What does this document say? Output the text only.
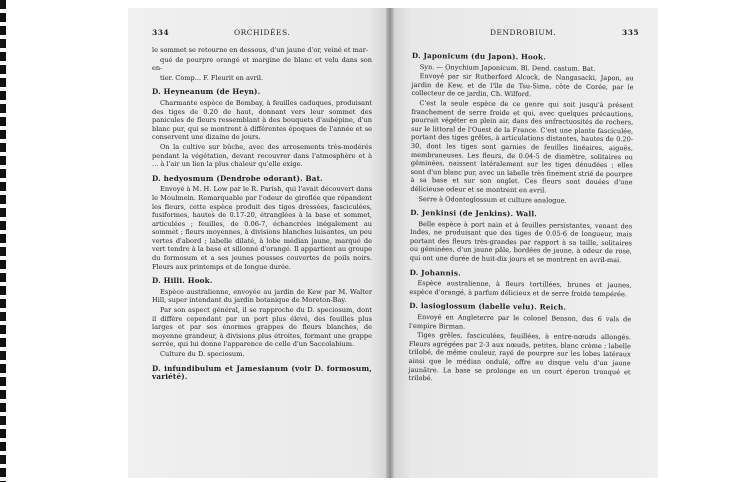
334	ORCHIDÉES.

le sommet se retourne en dessous, d'un jaune d'or, veiné et mar-

qué de pourpre orangé et margine de blanc et velu dans son en-

tier. Comp... F. Fleurit en avril.

D. Heyneanum (de Heyn).

Charmante espèce de Bombay, à feuilles caduques, produisant des tiges de 0.20 de haut, donnant vers leur sommet des panicules de fleurs ressemblant à des bouquets d'aubépine, d'un blanc pur, qui se montrent à différentes époques de l'année et se conservent une dizaine de jours.

On la cultive sur bûche, avec des arrosements très-modérés pendant la végétation, devant recouvrer dans l'atmosphère et à ... à l'air un lien la plus chaleur qu'elle exige.

D. hedyosmum (Dendrobe odorant). Bat.

Envoyé à M. H. Low par le R. Parish, qui l'avait découvert dans le Moulmein. Remarquable par l'odeur de giroflée que répandent les fleurs, cette espèce produit des tiges dressées, fasciculées, fusiformes, hautes de 0.17-20, étranglées à la base et sommet, articulées ; feuilles, de 0.06-7, échancrées inégalement au sommet ; fleurs moyennes, à divisions blanches luisantes, un peu vertes d'abord ; labelle dilaté, à lobe médian jaune, marqué de vert tendre à la base et sillonné d'orangé. Il appartient au groupe du formosum et a ses jeunes pousses couvertes de poils noirs. Fleurs aux printemps et de longue durée.

D. Hilli. Hook.

Espèce australienne, envoyée au jardin de Kew par M. Walter Hill, super intendant du jardin botanique de Moreton-Bay.

Par son aspect général, il se rapproche du D. speciosum, dont il diffère cependant par un port plus élevé, des feuilles plus larges et par ses énormes grappes de fleurs blanches, de moyenne grandeur, à divisions plus étroites, formant une grappe serrée, qui lui donne l'apparence de celle d'un Saccolabium.

Culture du D. speciosum.

D. infundibulum et Jamesianum (voir D. formosum, variété).
DENDROBIUM.	335
D. Japonicum (du Japon). Hook.

Syn. — Onychium Japonicum. Bl. Dend. castum. Bat.

Envoyé par sir Rutherford Alcock, de Nangasacki, Japon, au jardin de Kew, et de l'île de Tsu-Sima, côte de Corée, par le collecteur de ce jardin, Ch. Wilford.

C'est la seule espèce de ce genre qui soit jusqu'à présent franchement de serre froide et qui, avec quelques précautions, pourrait végéter en plein air, dans des anfractuosités de rochers, sur le littoral de l'Ouest de la France. C'est une plante fasciculée, portant des tiges grêles, à articulations distantes, hautes de 0.20-30, dont les tiges sont garnies de feuilles linéaires, aiguës, membraneuses. Les fleurs, de 0.04-5 de diamètre, solitaires ou géminées, naissent latéralement sur les tiges dénudées ; elles sont d'un blanc pur, avec un labelle très finement strié de pourpre à sa base et sur son onglet. Ces fleurs sont douées d'une délicieuse odeur et se montrent en avril.

Serre à Odontoglossum et culture analogue.

D. Jenkinsi (de Jenkins). Wall.

Belle espèce à port nain et à feuilles persistantes, venant des Indes, ne produisant que des tiges de 0.05-6 de longueur, mais portant des fleurs très-grandes par rapport à sa taille, solitaires ou géminées, d'un jaune pâle, bordées de jaune, à odeur de rose, qui ont une durée de huit-dix jours et se montrent en avril-mai.

D. Johannis.

Espèce australienne, à fleurs tortillées, brunes et jaunes, espèce d'orangé, à parfum délicieux et de serre froide tempérée.

D. lasioglossum (labelle velu). Reich.

Envoyé en Angleterre par le colonel Benson, des 6 vals de l'empire Birman.

Tiges grêles, fasciculées, feuillées, à entre-nœuds allongés. Fleurs agrégées par 2-3 aux nœuds, petites, blanc crème ; labelle trilobé, de même couleur, rayé de pourpre sur les lobes latéraux ainsi que le médian ondulé, offre au disque velu d'un jaune jaunâtre. La base se prolonge en un court éperon tronqué et trilobé.
